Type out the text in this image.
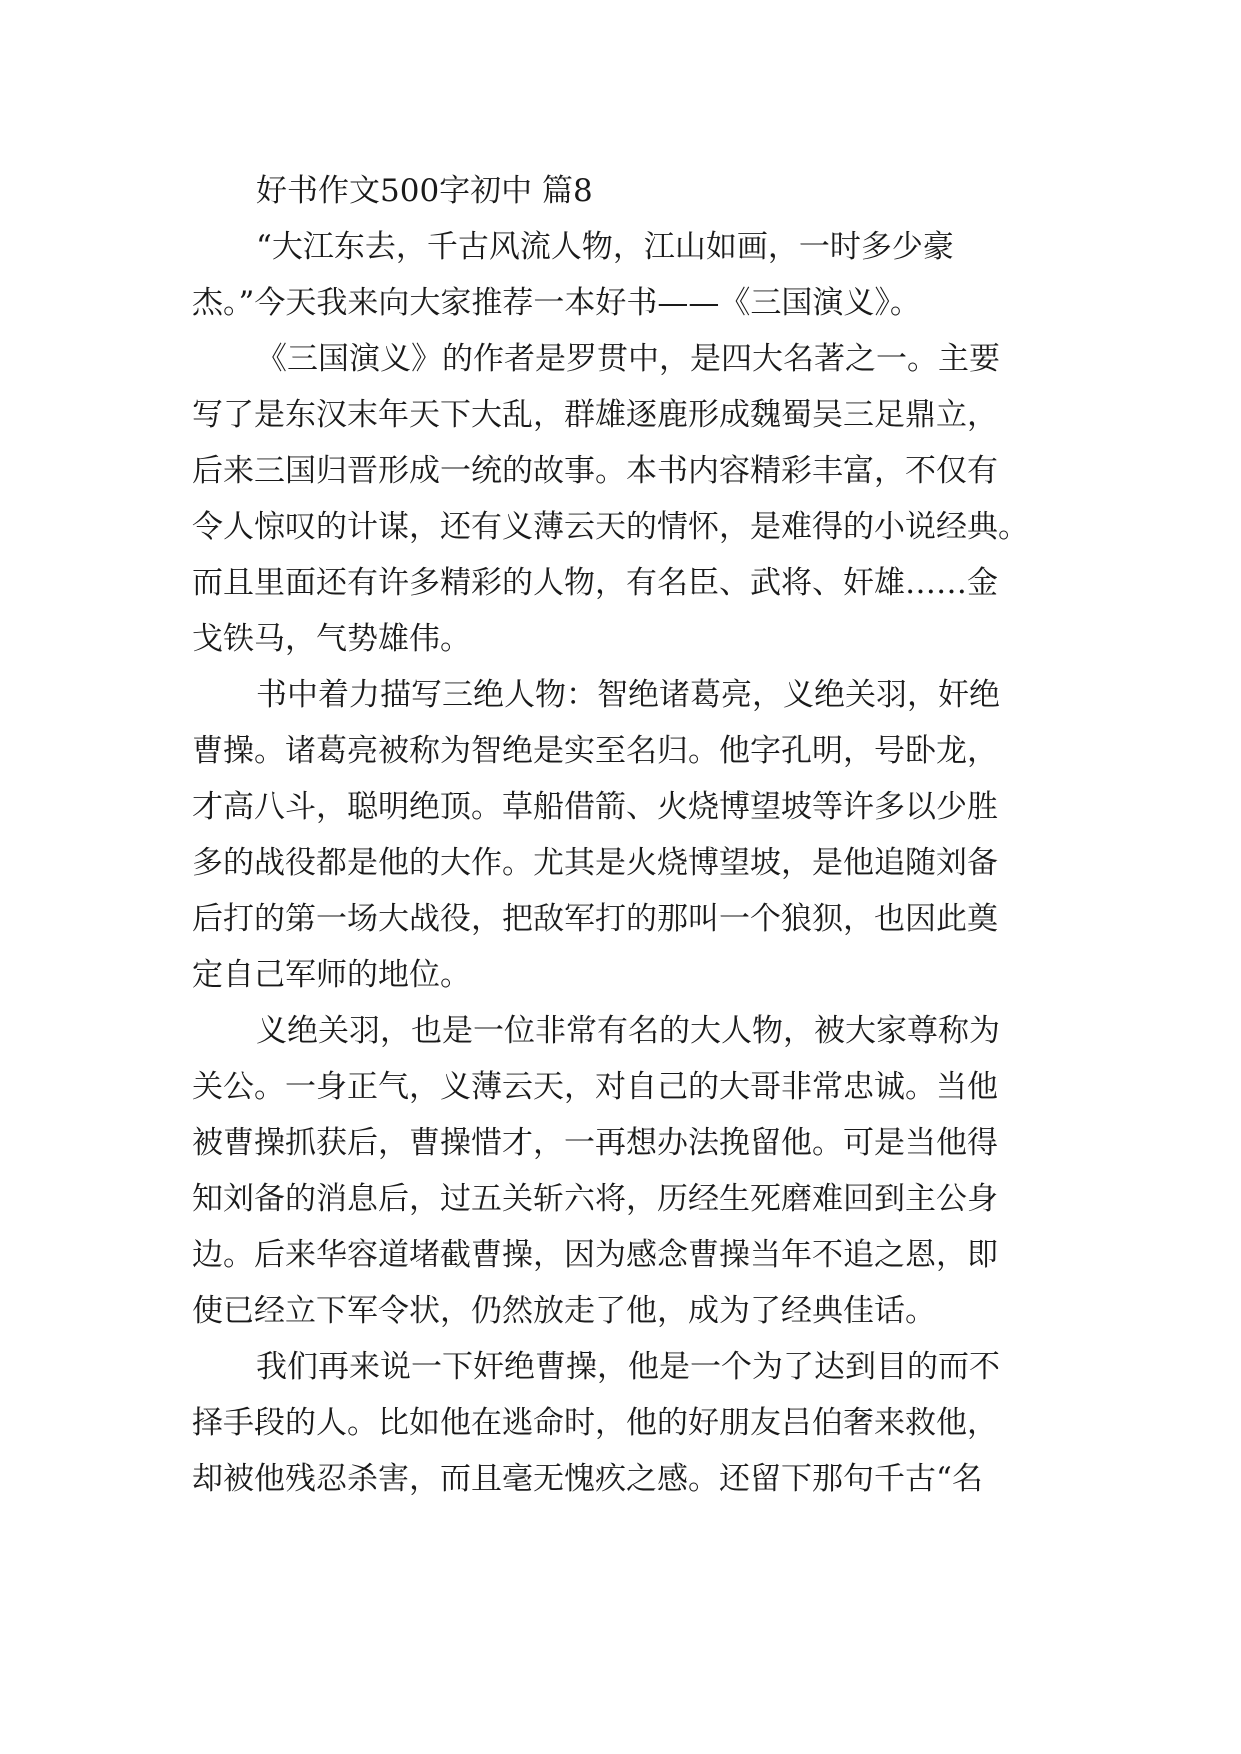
好书作文500字初中 篇8
“大江东去，千古风流人物，江山如画，一时多少豪
杰。”今天我来向大家推荐一本好书——《三国演义》。
《三国演义》的作者是罗贯中，是四大名著之一。主要
写了是东汉末年天下大乱，群雄逐鹿形成魏蜀吴三足鼎立，
后来三国归晋形成一统的故事。本书内容精彩丰富，不仅有
令人惊叹的计谋，还有义薄云天的情怀，是难得的小说经典。
而且里面还有许多精彩的人物，有名臣、武将、奸雄……金
戈铁马，气势雄伟。
书中着力描写三绝人物：智绝诸葛亮，义绝关羽，奸绝
曹操。诸葛亮被称为智绝是实至名归。他字孔明，号卧龙，
才高八斗，聪明绝顶。草船借箭、火烧博望坡等许多以少胜
多的战役都是他的大作。尤其是火烧博望坡，是他追随刘备
后打的第一场大战役，把敌军打的那叫一个狼狈，也因此奠
定自己军师的地位。
义绝关羽，也是一位非常有名的大人物，被大家尊称为
关公。一身正气，义薄云天，对自己的大哥非常忠诚。当他
被曹操抓获后，曹操惜才，一再想办法挽留他。可是当他得
知刘备的消息后，过五关斩六将，历经生死磨难回到主公身
边。后来华容道堵截曹操，因为感念曹操当年不追之恩，即
使已经立下军令状，仍然放走了他，成为了经典佳话。
我们再来说一下奸绝曹操，他是一个为了达到目的而不
择手段的人。比如他在逃命时，他的好朋友吕伯奢来救他，
却被他残忍杀害，而且毫无愧疚之感。还留下那句千古“名
